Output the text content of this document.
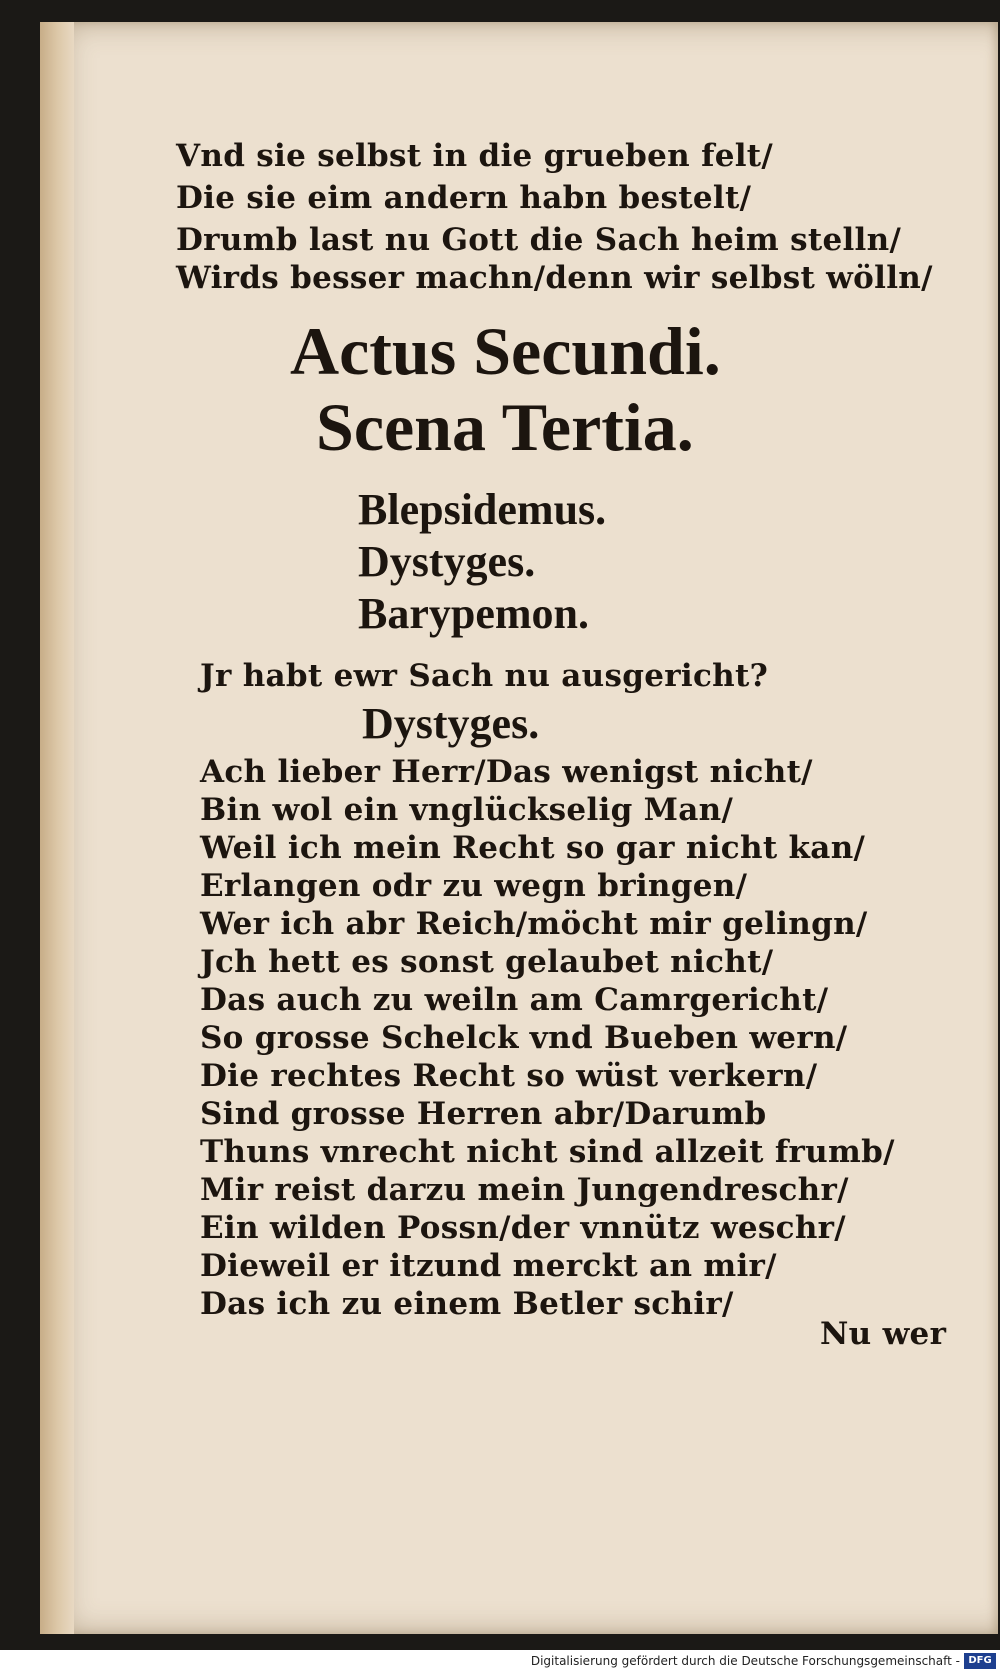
Vnd sie selbst in die grueben felt/
Die sie eim andern habn bestelt/
Drumb last nu Gott die Sach heim stelln/
Wirds besser machn/denn wir selbst wölln/
Actus Secundi.
Scena Tertia.
Blepsidemus.
Dystyges.
Barypemon.
Jr habt ewr Sach nu ausgericht?
Dystyges.
Ach lieber Herr/Das wenigst nicht/
Bin wol ein vnglückselig Man/
Weil ich mein Recht so gar nicht kan/
Erlangen odr zu wegn bringen/
Wer ich abr Reich/möcht mir gelingn/
Jch hett es sonst gelaubet nicht/
Das auch zu weiln am Camrgericht/
So grosse Schelck vnd Bueben wern/
Die rechtes Recht so wüst verkern/
Sind grosse Herren abr/Darumb
Thuns vnrecht nicht sind allzeit frumb/
Mir reist darzu mein Jungendreschr/
Ein wilden Possn/der vnnütz weschr/
Dieweil er itzund merckt an mir/
Das ich zu einem Betler schir/
Nu wer
Digitalisierung gefördert durch die Deutsche Forschungsgemeinschaft - DFG
